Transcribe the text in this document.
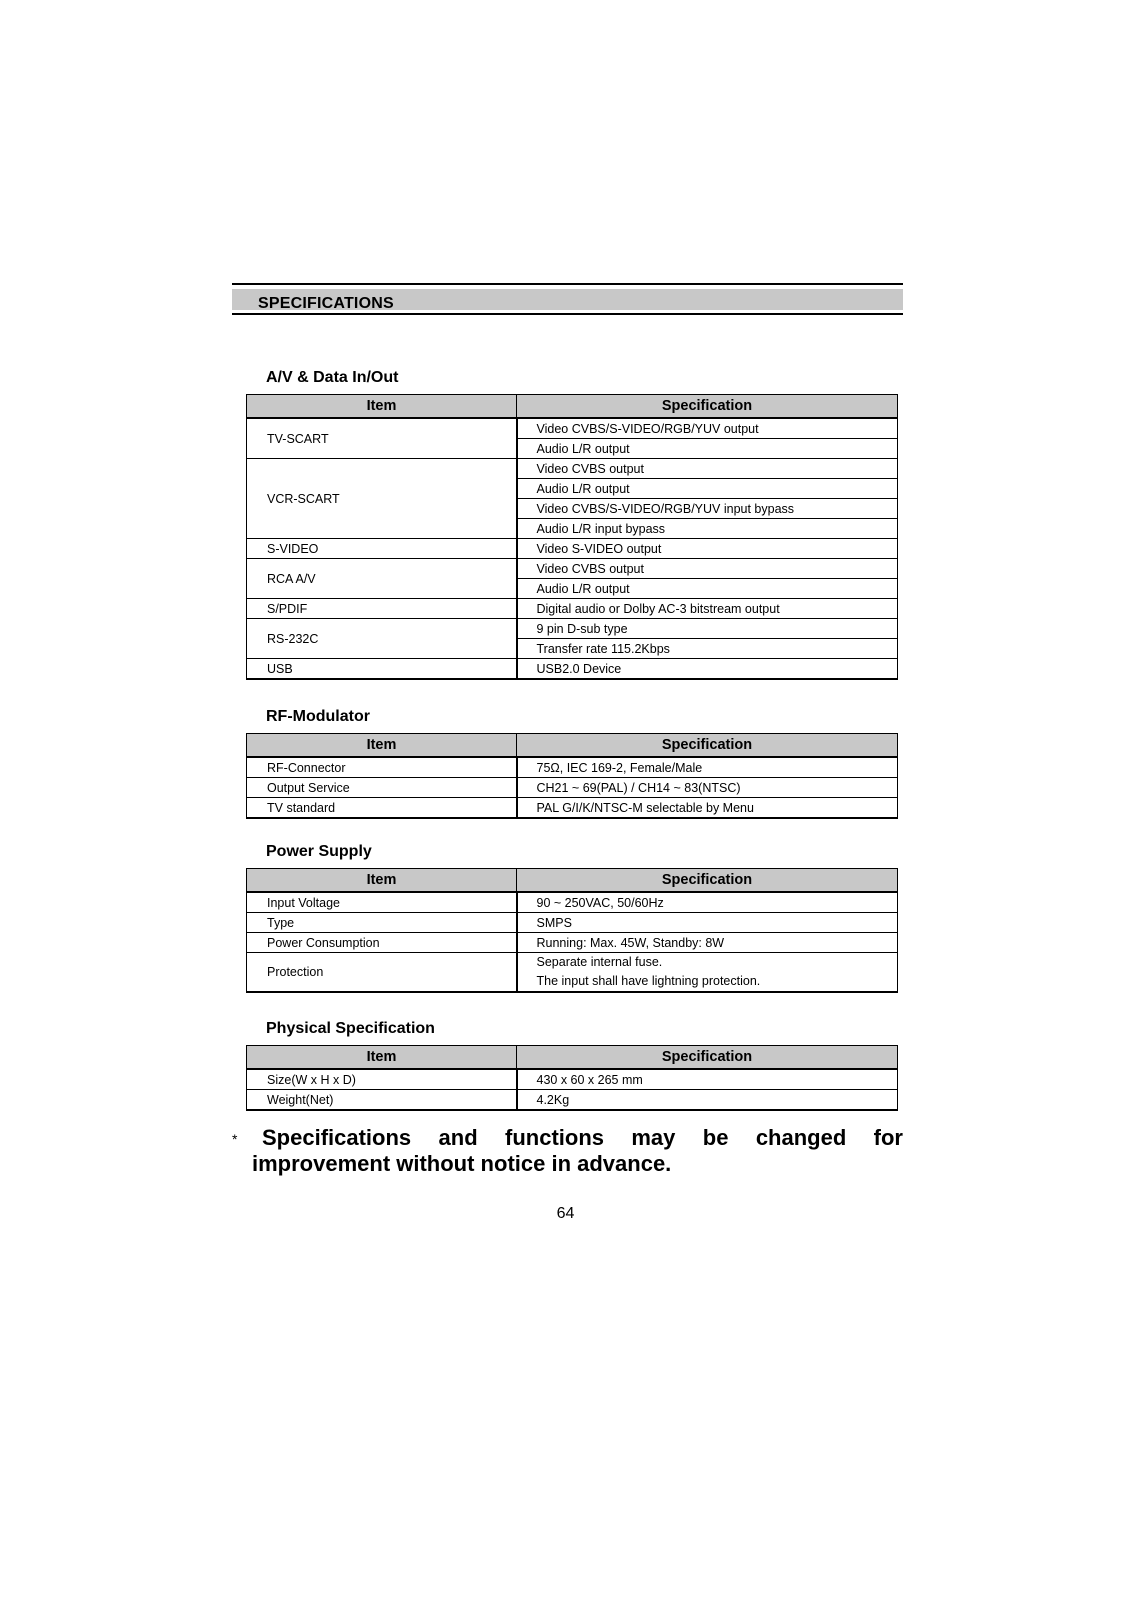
SPECIFICATIONS
A/V & Data In/Out
Item	Specification
TV-SCART	Video CVBS/S-VIDEO/RGB/YUV output
	Audio L/R output
VCR-SCART	Video CVBS output
	Audio L/R output
	Video CVBS/S-VIDEO/RGB/YUV input bypass
	Audio L/R input bypass
S-VIDEO	Video S-VIDEO output
RCA A/V	Video CVBS output
	Audio L/R output
S/PDIF	Digital audio or Dolby AC-3 bitstream output
RS-232C	9 pin D-sub type
	Transfer rate 115.2Kbps
USB	USB2.0 Device
RF-Modulator
Item	Specification
RF-Connector	75Ω, IEC 169-2, Female/Male
Output Service	CH21 ~ 69(PAL) / CH14 ~ 83(NTSC)
TV standard	PAL G/I/K/NTSC-M selectable by Menu
Power Supply
Item	Specification
Input Voltage	90 ~ 250VAC, 50/60Hz
Type	SMPS
Power Consumption	Running: Max. 45W, Standby: 8W
Protection	Separate internal fuse.
The input shall have lightning protection.
Physical Specification
Item	Specification
Size(W x H x D)	430 x 60 x 265 mm
Weight(Net)	4.2Kg
* Specifications and functions may be changed for
improvement without notice in advance.
64
